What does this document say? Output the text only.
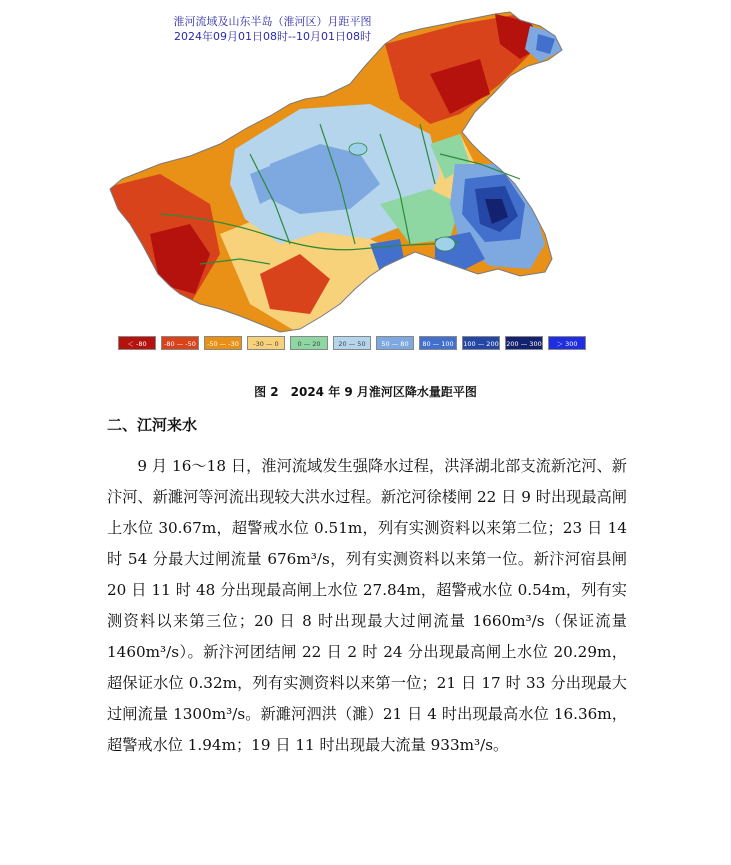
淮河流域及山东半岛（淮河区）月距平图
2024年09月01日08时--10月01日08时
＜ -80	-80 — -50	-50 — -30	-30 — 0	0 — 20	20 — 50	50 — 80	80 — 100	100 — 200 200 — 300	＞ 300
图 2　2024 年 9 月淮河区降水量距平图
二、江河来水

9 月 16～18 日，淮河流域发生强降水过程，洪泽湖北部支流新沱河、新汴河、新濉河等河流出现较大洪水过程。新沱河徐楼闸 22 日 9 时出现最高闸上水位 30.67m，超警戒水位 0.51m，列有实测资料以来第二位；23 日 14 时 54 分最大过闸流量 676m³/s，列有实测资料以来第一位。新汴河宿县闸 20 日 11 时 48 分出现最高闸上水位 27.84m，超警戒水位 0.54m，列有实测资料以来第三位；20 日 8 时出现最大过闸流量 1660m³/s（保证流量 1460m³/s）。新汴河团结闸 22 日 2 时 24 分出现最高闸上水位 20.29m，超保证水位 0.32m，列有实测资料以来第一位；21 日 17 时 33 分出现最大过闸流量 1300m³/s。新濉河泗洪（濉）21 日 4 时出现最高水位 16.36m，超警戒水位 1.94m；19 日 11 时出现最大流量 933m³/s。
